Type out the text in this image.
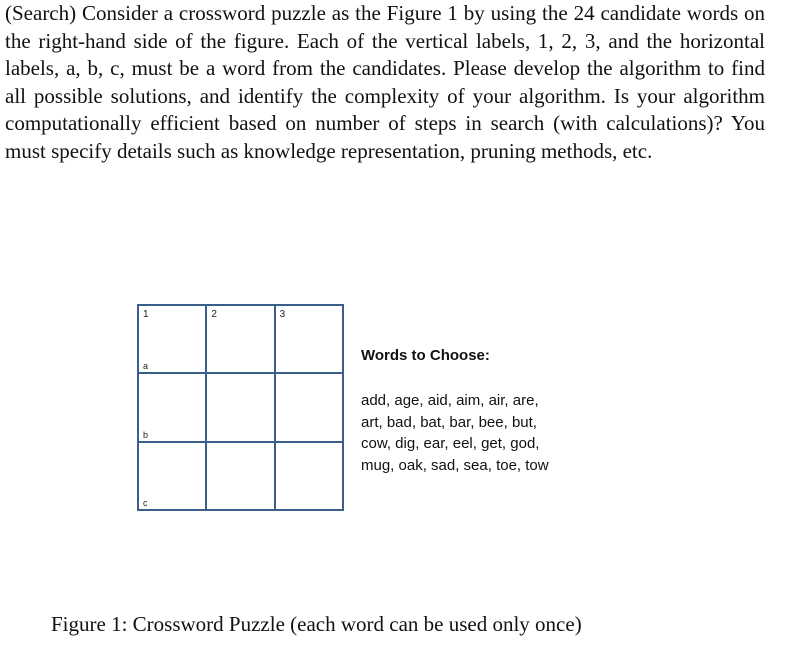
(Search) Consider a crossword puzzle as the Figure 1 by using the 24 candidate words on the right-hand side of the figure. Each of the vertical labels, 1, 2, 3, and the horizontal labels, a, b, c, must be a word from the candidates. Please develop the algorithm to find all possible solutions, and identify the complexity of your algorithm. Is your algorithm computationally efficient based on number of steps in search (with calculations)? You must specify details such as knowledge representation, pruning methods, etc.

1
a
2	3
b
c
Words to Choose:
add, age, aid, aim, air, are,
art, bad, bat, bar, bee, but,
cow, dig, ear, eel, get, god,
mug, oak, sad, sea, toe, tow
Figure 1: Crossword Puzzle (each word can be used only once)
